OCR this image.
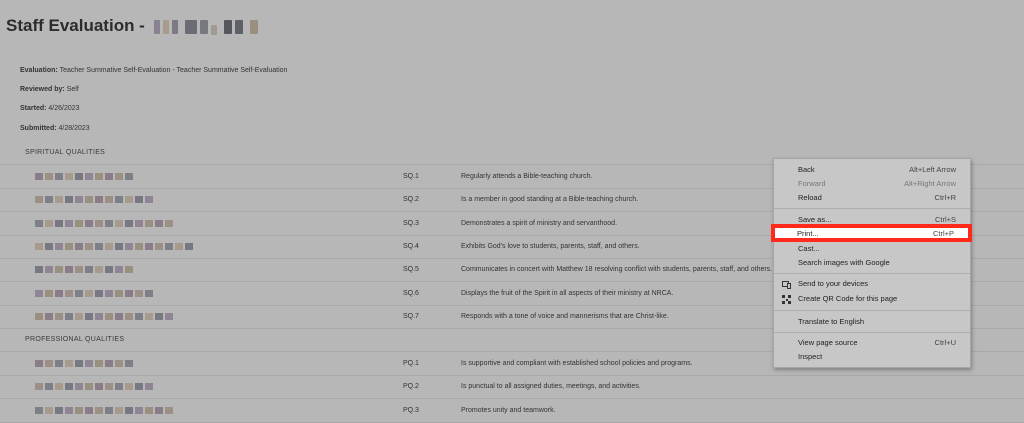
Staff Evaluation -
Evaluation: Teacher Summative Self-Evaluation - Teacher Summative Self-Evaluation
Reviewed by: Self
Started: 4/26/2023
Submitted: 4/28/2023
SPIRITUAL QUALITIES
SQ.1	Regularly attends a Bible-teaching church.
SQ.2	Is a member in good standing at a Bible-teaching church.
SQ.3	Demonstrates a spirit of ministry and servanthood.
SQ.4	Exhibits God's love to students, parents, staff, and others.
SQ.5	Communicates in concert with Matthew 18 resolving conflict with students, parents, staff, and others.
SQ.6	Displays the fruit of the Spirit in all aspects of their ministry at NRCA.
SQ.7	Responds with a tone of voice and mannerisms that are Christ-like.
PROFESSIONAL QUALITIES
PQ.1	Is supportive and compliant with established school policies and programs.
PQ.2	Is punctual to all assigned duties, meetings, and activities.
PQ.3	Promotes unity and teamwork.
Back	Alt+Left Arrow
Forward	Alt+Right Arrow
Reload	Ctrl+R
Save as...	Ctrl+S
Cast...
Search images with Google
Send to your devices
Create QR Code for this page
Translate to English
View page source	Ctrl+U
Inspect
Print...	Ctrl+P
